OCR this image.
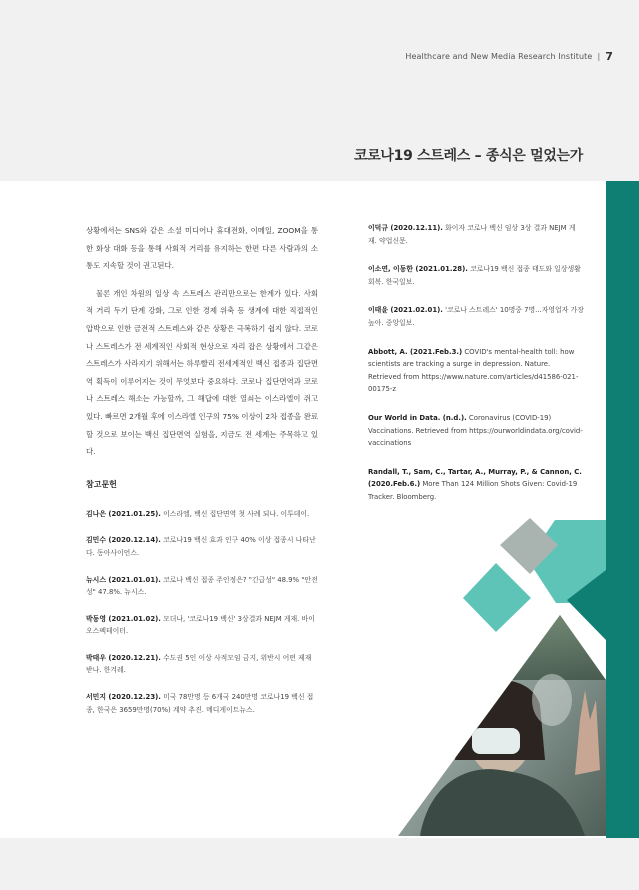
Healthcare and New Media Research Institute | 7
코로나19 스트레스 – 종식은 멀었는가

상황에서는 SNS와 같은 소셜 미디어나 휴대전화, 이메일, ZOOM을 통한 화상 대화 등을 통해 사회적 거리를 유지하는 한편 다른 사람과의 소통도 지속할 것이 권고된다.

물론 개인 차원의 일상 속 스트레스 관리만으로는 한계가 있다. 사회적 거리 두기 단계 강화, 그로 인한 경제 위축 등 생계에 대한 직접적인 압박으로 인한 금전적 스트레스와 같은 상황은 극복하기 쉽지 않다. 코로나 스트레스가 전 세계적인 사회적 현상으로 자리 잡은 상황에서 그같은 스트레스가 사라지기 위해서는 하루빨리 전세계적인 백신 접종과 집단면역 획득이 이루어지는 것이 무엇보다 중요하다. 코로나 집단면역과 코로나 스트레스 해소는 가능할까, 그 해답에 대한 열쇠는 이스라엘이 쥐고 있다. 빠르면 2개월 후에 이스라엘 인구의 75% 이상이 2차 접종을 완료할 것으로 보이는 백신 집단면역 실험을, 지금도 전 세계는 주목하고 있다.

참고문헌
김나은 (2021.01.25). 이스라엘, 백신 집단면역 첫 사례 되나. 이투데이.
김민수 (2020.12.14). 코로나19 백신 효과 인구 40% 이상 접종시 나타난다. 동아사이언스.
뉴시스 (2021.01.01). 코로나 백신 접종 주인정은? "긴급성" 48.9% "안전성" 47.8%. 뉴시스.
박동영 (2021.01.02). 모더나, '코로나19 백신' 3상결과 NEJM 게재. 바이오스펙테이터.
박태우 (2020.12.21). 수도권 5인 이상 사적모임 금지, 위반시 어떤 제재 받나. 한겨레.
서민지 (2020.12.23). 미국 78만명 등 6개국 240만명 코로나19 백신 접종, 한국은 3659만명(70%) 계약 추진. 메디게이트뉴스.
이덕규 (2020.12.11). 화이자 코로나 백신 임상 3상 결과 NEJM 게재. 약업신문.
이소연, 이동한 (2021.01.28). 코로나19 백신 접종 태도와 일상생활 회복. 한국일보.
이태윤 (2021.02.01). '코로나 스트레스' 10명중 7명...자영업자 가장 높아. 중앙일보.
Abbott, A. (2021.Feb.3.) COVID's mental-health toll: how scientists are tracking a surge in depression. Nature. Retrieved from https://www.nature.com/articles/d41586-021-00175-z
Our World in Data. (n.d.). Coronavirus (COVID-19) Vaccinations. Retrieved from https://ourworldindata.org/covid-vaccinations
Randall, T., Sam, C., Tartar, A., Murray, P., & Cannon, C. (2020.Feb.6.) More Than 124 Million Shots Given: Covid-19 Tracker. Bloomberg.
